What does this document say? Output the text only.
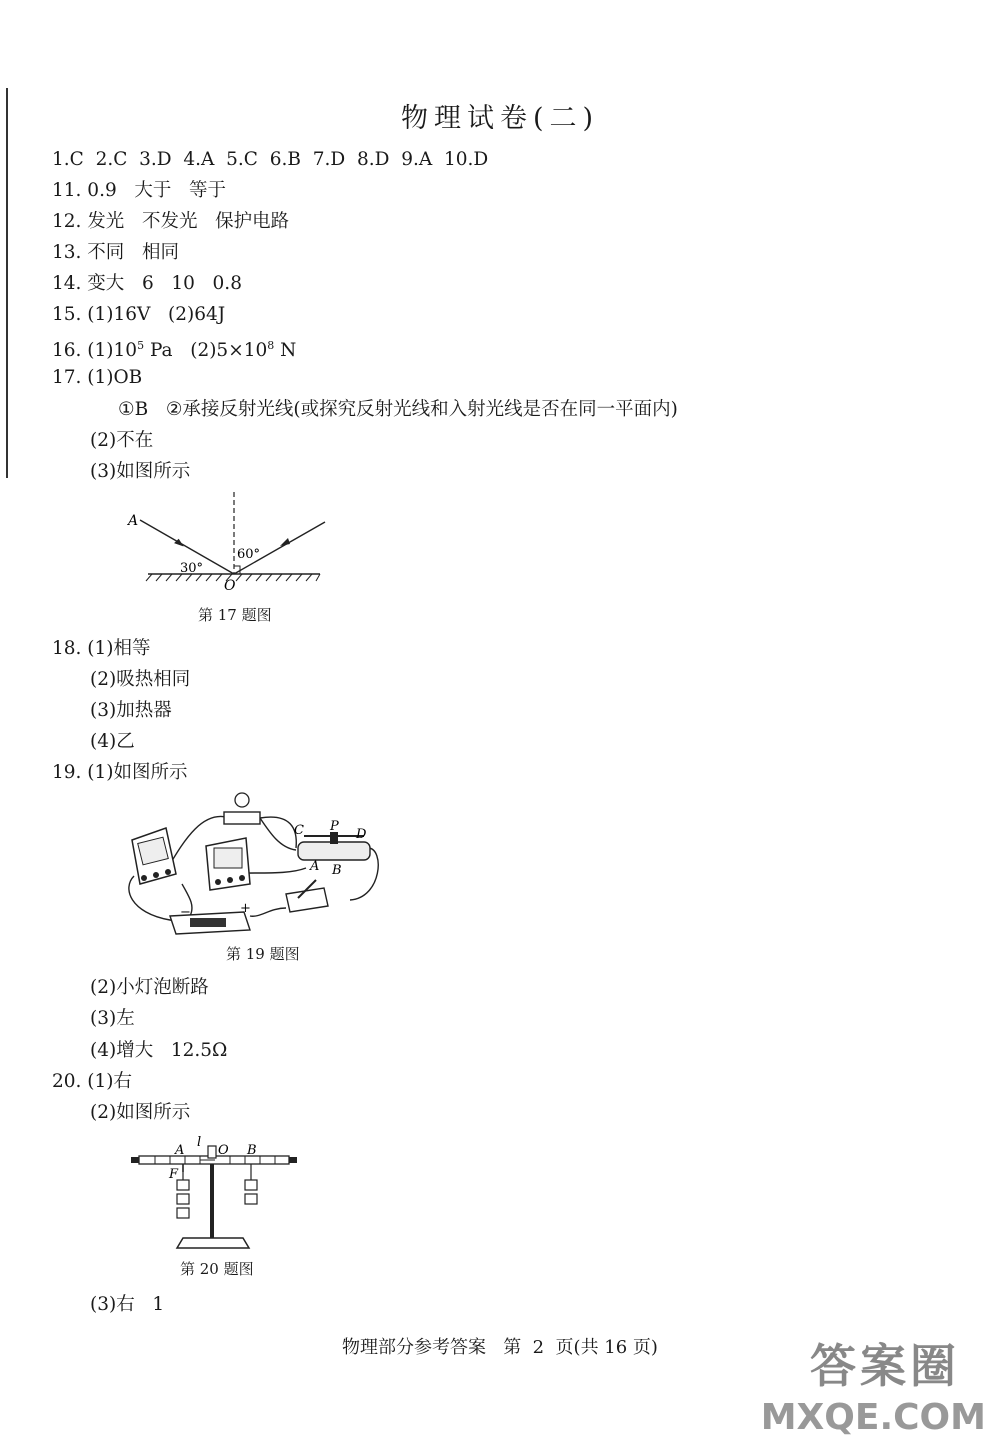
物理试卷(二)
1.C  2.C  3.D  4.A  5.C  6.B  7.D  8.D  9.A  10.D
11. 0.9   大于   等于
12. 发光   不发光   保护电路
13. 不同   相同
14. 变大   6   10   0.8
15. (1)16V   (2)64J
16. $(1)10^5$ Pa   $(2)5\times 10^8$ N
17. (1)OB
①B   ②承接反射光线(或探究反射光线和入射光线是否在同一平面内)
(2)不在
(3)如图所示
A
O
30°
60°
第 17 题图
18. (1)相等
(2)吸热相同
(3)加热器
(4)乙
19. (1)如图所示
C P
D
A B
−	+
第 19 题图
(2)小灯泡断路
(3)左
(4)增大   12.5Ω
20. (1)右
(2)如图所示
A
l
O B
F
第 20 题图
(3)右   1
物理部分参考答案   第  2  页(共 16 页)	答案圈
MXQE.COM
